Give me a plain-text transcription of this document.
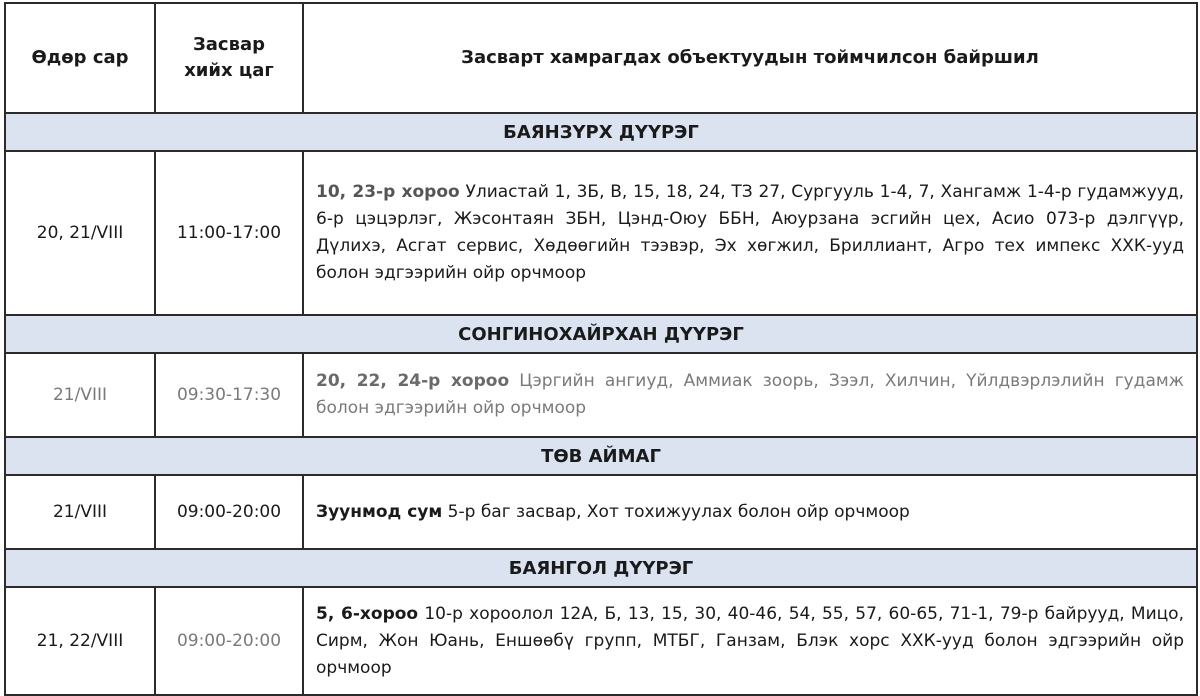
Өдөр сар	Засвар хийх цаг	Засварт хамрагдах объектуудын тоймчилсон байршил
БАЯНЗҮРХ ДҮҮРЭГ		
20, 21/VIII	11:00-17:00	10, 23-р хороо Улиастай 1, 3Б, В, 15, 18, 24, ТЗ 27, Сургууль 1-4, 7, Хангамж 1-4-р гудамжууд, 6-р цэцэрлэг, Жэсонтаян ЗБН, Цэнд-Оюу ББН, Аюурзана эсгийн цех, Асио 073-р дэлгүүр, Дүлихэ, Асгат сервис, Хөдөөгийн тээвэр, Эх хөгжил, Бриллиант, Агро тех импекс ХХК-ууд болон эдгээрийн ойр орчмоор
СОНГИНОХАЙРХАН ДҮҮРЭГ		
21/VIII	09:30-17:30	20, 22, 24-р хороо Цэргийн ангиуд, Аммиак зоорь, Зээл, Хилчин, Үйлдвэрлэлийн гудамж болон эдгээрийн ойр орчмоор
ТӨВ АЙМАГ		
21/VIII	09:00-20:00	Зуунмод сум 5-р баг засвар, Хот тохижуулах болон ойр орчмоор
БАЯНГОЛ ДҮҮРЭГ		
21, 22/VIII	09:00-20:00	5, 6-хороо 10-р хороолол 12А, Б, 13, 15, 30, 40-46, 54, 55, 57, 60-65, 71-1, 79-р байрууд, Мицо, Сирм, Жон Юань, Еншөөбү групп, МТБГ, Ганзам, Блэк хорс ХХК-ууд болон эдгээрийн ойр орчмоор
